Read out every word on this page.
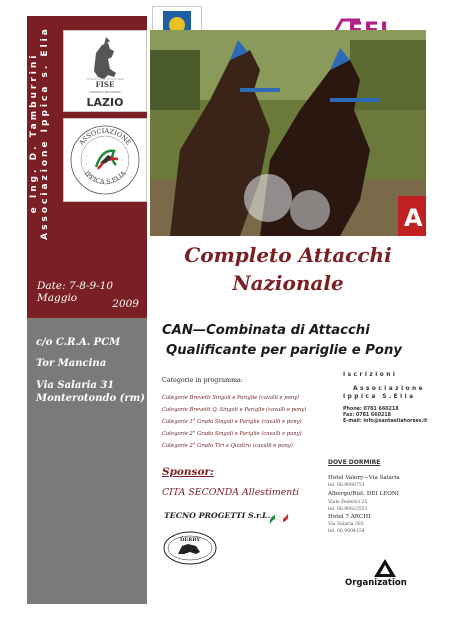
Associazione Ippica s. Elia
e Ing. D. Tamburrini	FISE
COMITATO REGIONALE
LAZIO
ASSOCIAZIONE
IPPICA S.ELIA
Date: 7-8-9-10 Maggio	2009
c/o C.R.A. PCM
Tor Mancina
Via Salaria 31
Monterotondo (rm)
A
Completo Attacchi
Nazionale
CAN—Combinata di Attacchi
Qualificante per pariglie e Pony
Categorie in programma:
Categorie Brevetti Singoli e Pariglie (cavalli e pony)
Categorie Brevetti Q. Singoli e Pariglie (cavalli e pony)
Categorie 1° Grado Singoli e Pariglie (cavalli e pony)
Categorie 2° Grado Singoli e Pariglie (cavalli e pony)
Categorie 2° Grado Tiri a Quattro (cavalli e pony)
Iscrizioni
Associazione
Ippica S.Elia
Phone: 0781 660218
Fax: 0781 660218
E-mail: info@santaeliahorses.it
Sponsor:
CITA SECONDA Allestimenti
TECNO PROGETTI S.r.L.
DERBY
DOVE DORMIRE
Hotel Valery—Via Salaria
tel. 06.9068751
Albergo/Rist. DEI LEONI
Viale Federici 25
tel. 06.90623551
Hotel 7 ARCHI
Via Salaria 302
tel. 06.9004154
Organization
